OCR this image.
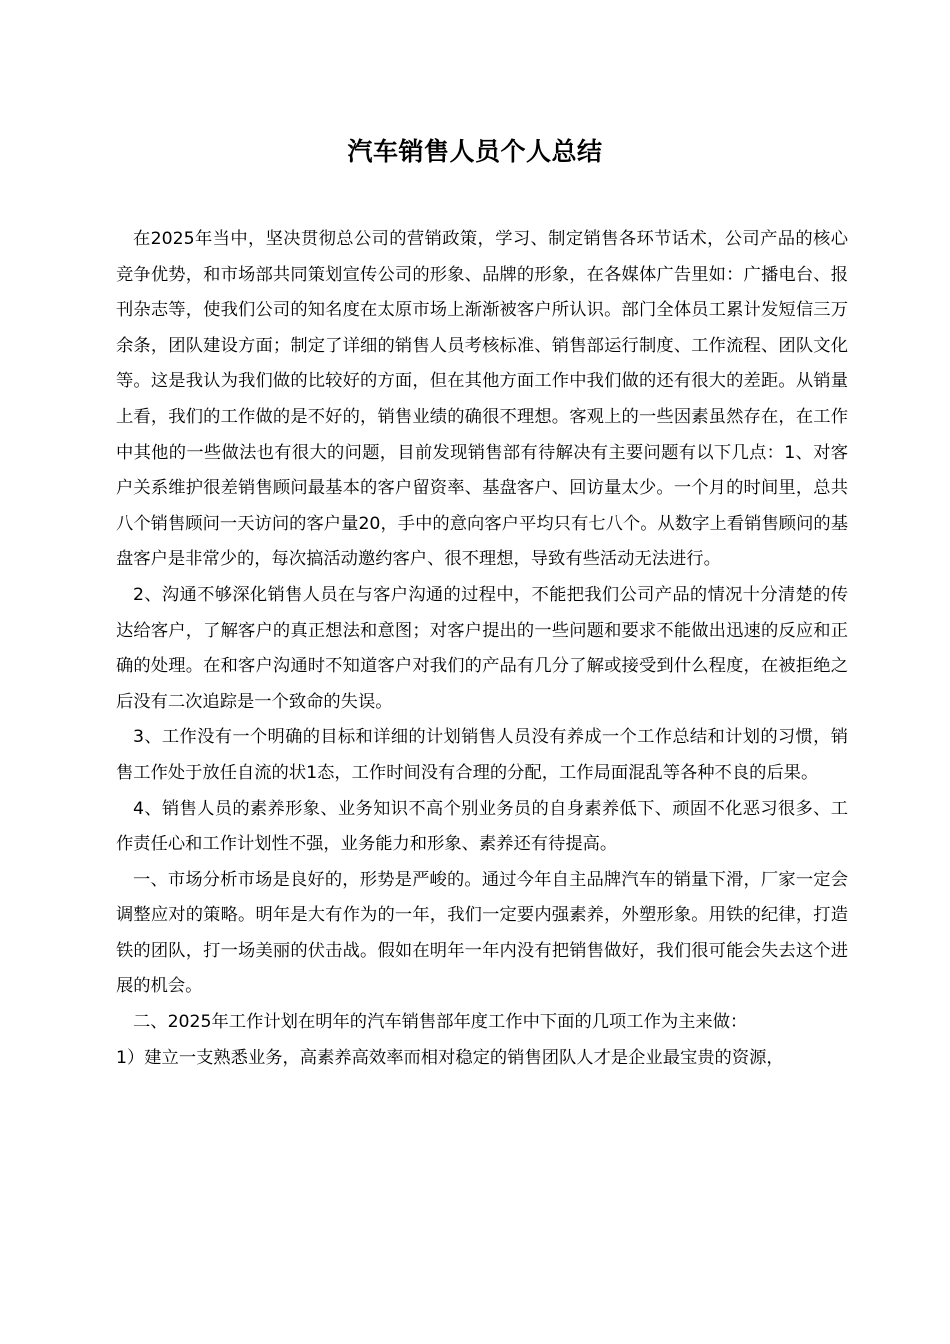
汽车销售人员个人总结

在2025年当中，坚决贯彻总公司的营销政策，学习、制定销售各环节话术，公司产品的核心竞争优势，和市场部共同策划宣传公司的形象、品牌的形象，在各媒体广告里如：广播电台、报刊杂志等，使我们公司的知名度在太原市场上渐渐被客户所认识。部门全体员工累计发短信三万余条，团队建设方面；制定了详细的销售人员考核标准、销售部运行制度、工作流程、团队文化等。这是我认为我们做的比较好的方面，但在其他方面工作中我们做的还有很大的差距。从销量上看，我们的工作做的是不好的，销售业绩的确很不理想。客观上的一些因素虽然存在，在工作中其他的一些做法也有很大的问题，目前发现销售部有待解决有主要问题有以下几点：1、对客户关系维护很差销售顾问最基本的客户留资率、基盘客户、回访量太少。一个月的时间里，总共八个销售顾问一天访问的客户量20，手中的意向客户平均只有七八个。从数字上看销售顾问的基盘客户是非常少的，每次搞活动邀约客户、很不理想，导致有些活动无法进行。

2、沟通不够深化销售人员在与客户沟通的过程中，不能把我们公司产品的情况十分清楚的传达给客户，了解客户的真正想法和意图；对客户提出的一些问题和要求不能做出迅速的反应和正确的处理。在和客户沟通时不知道客户对我们的产品有几分了解或接受到什么程度，在被拒绝之后没有二次追踪是一个致命的失误。

3、工作没有一个明确的目标和详细的计划销售人员没有养成一个工作总结和计划的习惯，销售工作处于放任自流的状1态，工作时间没有合理的分配，工作局面混乱等各种不良的后果。

4、销售人员的素养形象、业务知识不高个别业务员的自身素养低下、顽固不化恶习很多、工作责任心和工作计划性不强，业务能力和形象、素养还有待提高。

一、市场分析市场是良好的，形势是严峻的。通过今年自主品牌汽车的销量下滑，厂家一定会调整应对的策略。明年是大有作为的一年，我们一定要内强素养，外塑形象。用铁的纪律，打造铁的团队，打一场美丽的伏击战。假如在明年一年内没有把销售做好，我们很可能会失去这个进展的机会。

二、2025年工作计划在明年的汽车销售部年度工作中下面的几项工作为主来做：

1）建立一支熟悉业务，高素养高效率而相对稳定的销售团队人才是企业最宝贵的资源，
